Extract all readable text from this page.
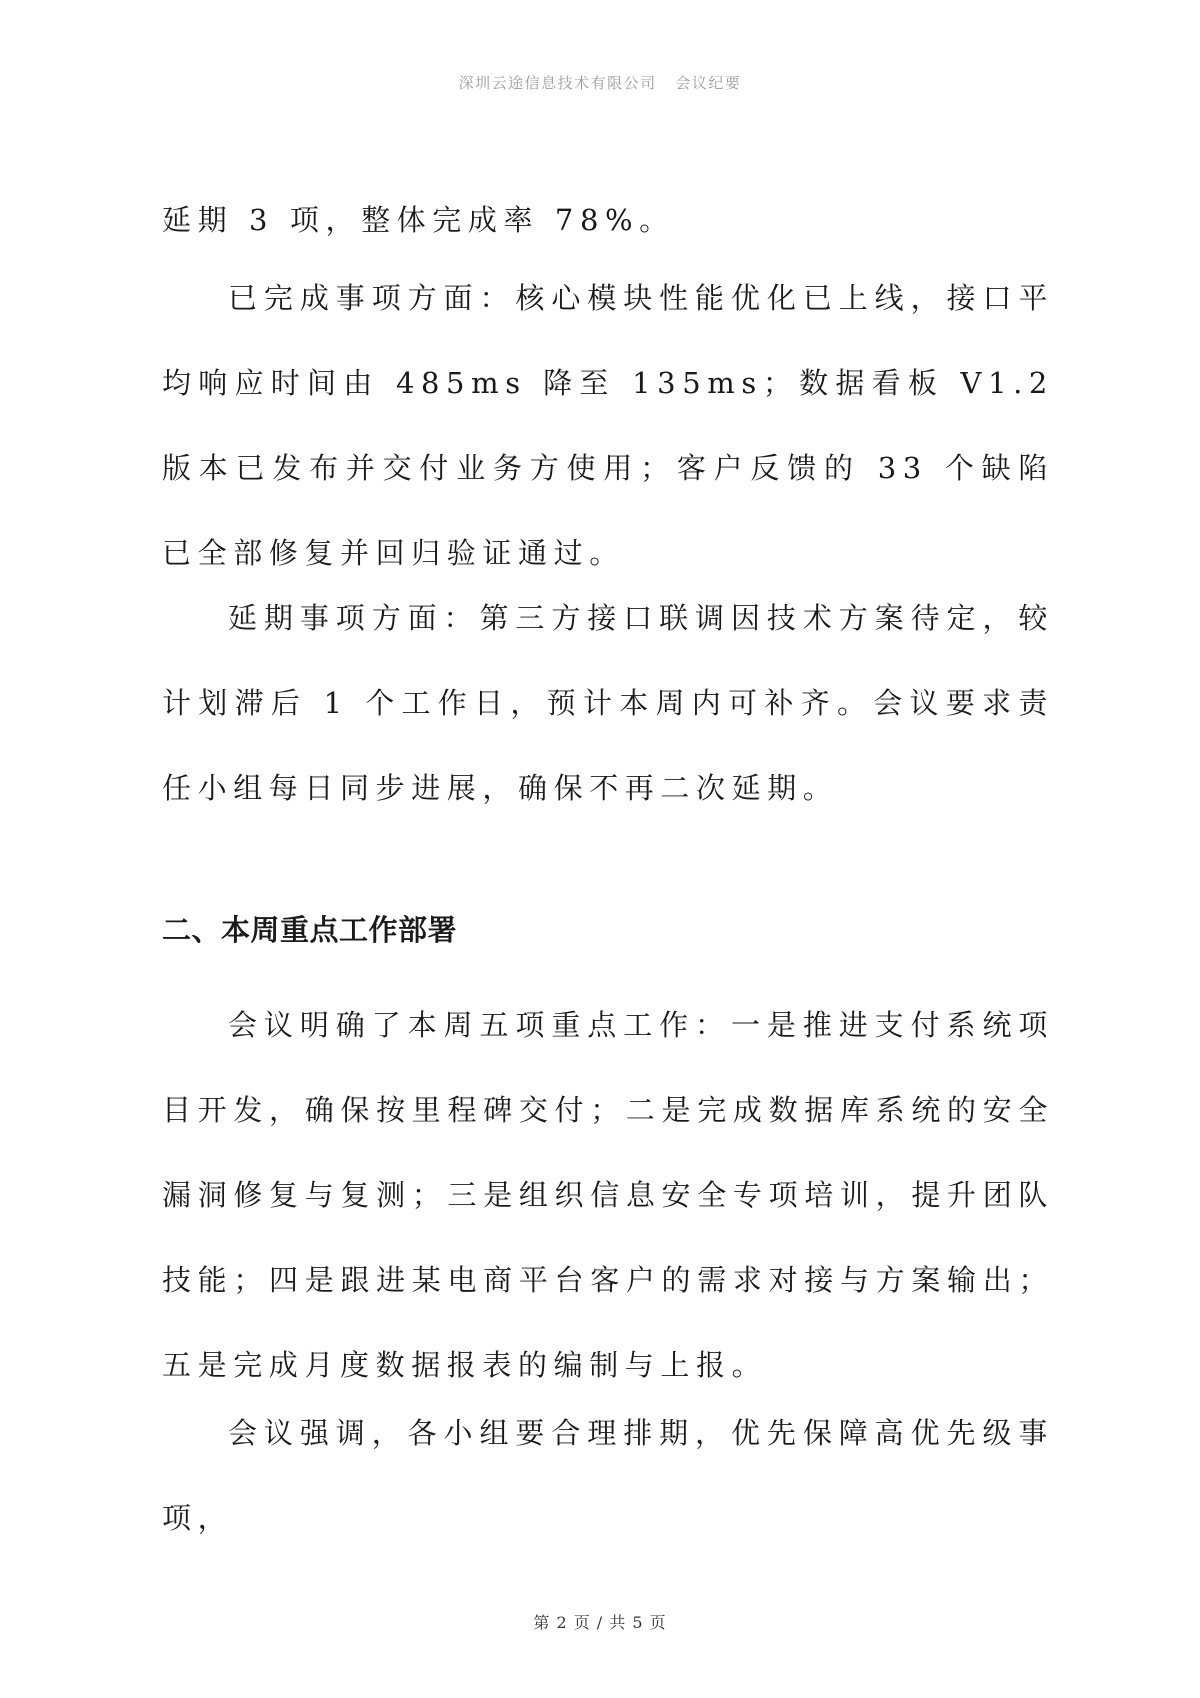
深圳云途信息技术有限公司 会议纪要

延期 3 项，整体完成率 78%。

已完成事项方面：核心模块性能优化已上线，接口平均响应时间由 485ms 降至 135ms；数据看板 V1.2 版本已发布并交付业务方使用；客户反馈的 33 个缺陷已全部修复并回归验证通过。

延期事项方面：第三方接口联调因技术方案待定，较计划滞后 1 个工作日，预计本周内可补齐。会议要求责任小组每日同步进展，确保不再二次延期。

二、本周重点工作部署

会议明确了本周五项重点工作：一是推进支付系统项目开发，确保按里程碑交付；二是完成数据库系统的安全漏洞修复与复测；三是组织信息安全专项培训，提升团队技能；四是跟进某电商平台客户的需求对接与方案输出；五是完成月度数据报表的编制与上报。

会议强调，各小组要合理排期，优先保障高优先级事项，

第 2 页 / 共 5 页
